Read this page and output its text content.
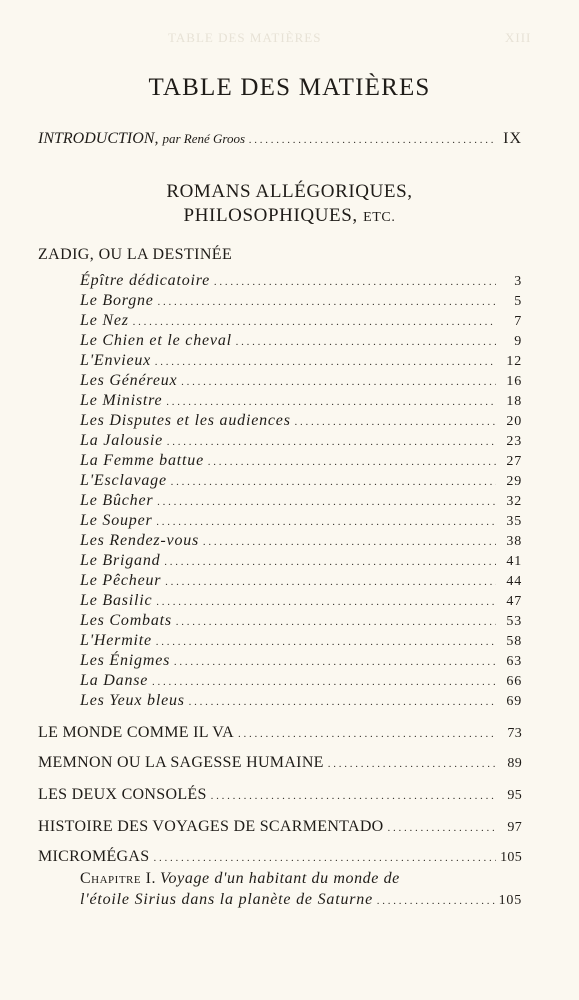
TABLE DES MATIÈRES	XIII
TABLE DES MATIÈRES
INTRODUCTION, par René Groos . . .	IX
ROMANS ALLÉGORIQUES,
PHILOSOPHIQUES, ETC.
ZADIG, OU LA DESTINÉE
Épître dédicatoire . . .	3
Le Borgne . . .	5
Le Nez . . .	7
Le Chien et le cheval . . .	9
L'Envieux . . .	12
Les Généreux . . .	16
Le Ministre . . .	18
Les Disputes et les audiences . . .	20
La Jalousie . . .	23
La Femme battue . . .	27
L'Esclavage . . .	29
Le Bûcher . . .	32
Le Souper . . .	35
Les Rendez-vous . . .	38
Le Brigand . . .	41
Le Pêcheur . . .	44
Le Basilic . . .	47
Les Combats . . .	53
L'Hermite . . .	58
Les Énigmes . . .	63
La Danse . . .	66
Les Yeux bleus . . .	69
LE MONDE COMME IL VA . . .	73
MEMNON OU LA SAGESSE HUMAINE . . .	89
LES DEUX CONSOLÉS . . .	95
HISTOIRE DES VOYAGES DE SCARMENTADO . . .	97
MICROMÉGAS . . .	105
Chapitre I. Voyage d'un habitant du monde de
l'étoile Sirius dans la planète de Saturne . . .	105
